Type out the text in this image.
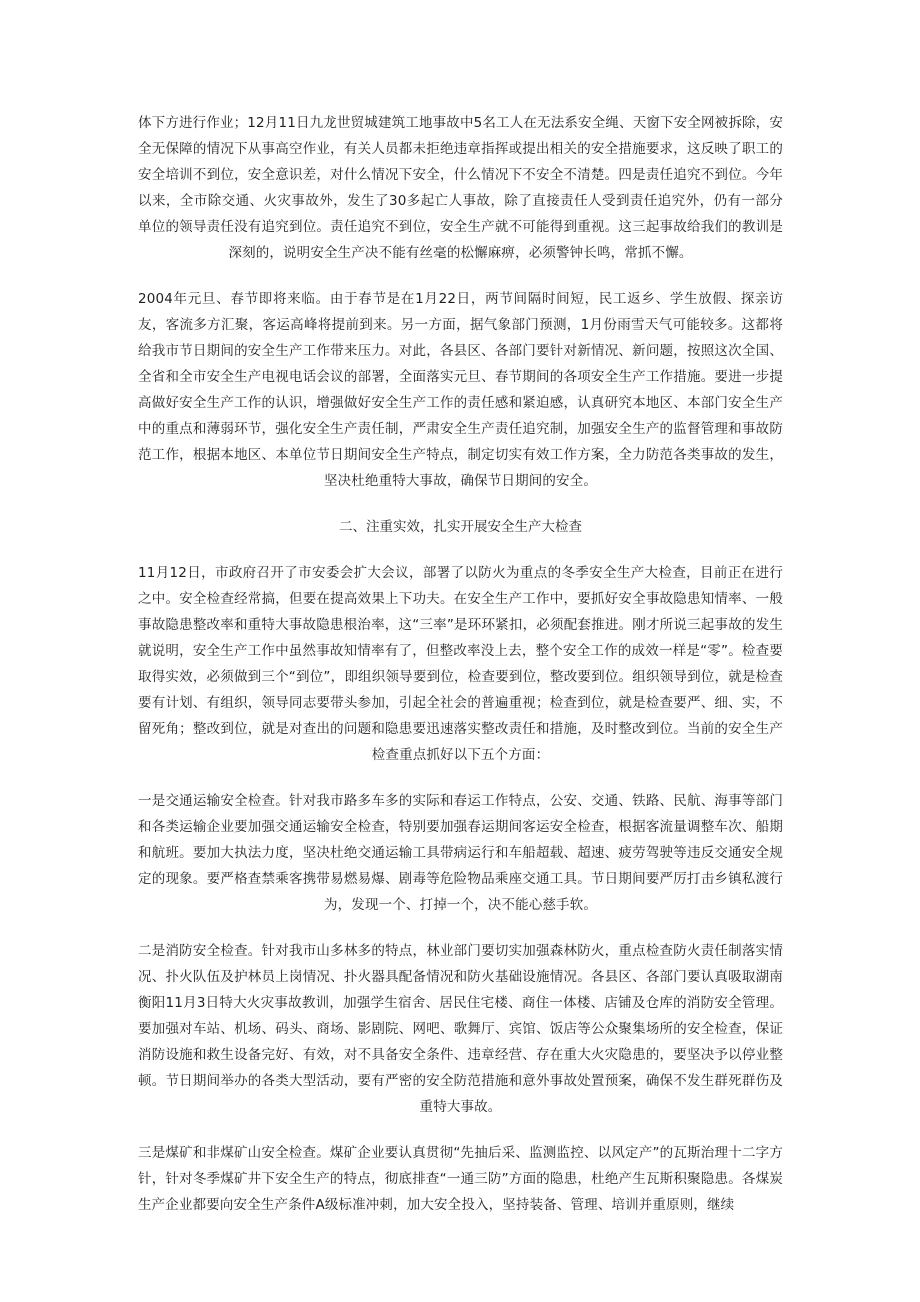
体下方进行作业；12月11日九龙世贸城建筑工地事故中5名工人在无法系安全绳、天窗下安全网被拆除，安全无保障的情况下从事高空作业，有关人员都未拒绝违章指挥或提出相关的安全措施要求，这反映了职工的安全培训不到位，安全意识差，对什么情况下安全，什么情况下不安全不清楚。四是责任追究不到位。今年以来，全市除交通、火灾事故外，发生了30多起亡人事故，除了直接责任人受到责任追究外，仍有一部分单位的领导责任没有追究到位。责任追究不到位，安全生产就不可能得到重视。这三起事故给我们的教训是深刻的，说明安全生产决不能有丝毫的松懈麻痹，必须警钟长鸣，常抓不懈。

2004年元旦、春节即将来临。由于春节是在1月22日，两节间隔时间短，民工返乡、学生放假、探亲访友，客流多方汇聚，客运高峰将提前到来。另一方面，据气象部门预测，1月份雨雪天气可能较多。这都将给我市节日期间的安全生产工作带来压力。对此，各县区、各部门要针对新情况、新问题，按照这次全国、全省和全市安全生产电视电话会议的部署，全面落实元旦、春节期间的各项安全生产工作措施。要进一步提高做好安全生产工作的认识，增强做好安全生产工作的责任感和紧迫感，认真研究本地区、本部门安全生产中的重点和薄弱环节，强化安全生产责任制，严肃安全生产责任追究制，加强安全生产的监督管理和事故防范工作，根据本地区、本单位节日期间安全生产特点，制定切实有效工作方案，全力防范各类事故的发生，坚决杜绝重特大事故，确保节日期间的安全。

二、注重实效，扎实开展安全生产大检查

11月12日，市政府召开了市安委会扩大会议，部署了以防火为重点的冬季安全生产大检查，目前正在进行之中。安全检查经常搞，但要在提高效果上下功夫。在安全生产工作中，要抓好安全事故隐患知情率、一般事故隐患整改率和重特大事故隐患根治率，这“三率”是环环紧扣，必须配套推进。刚才所说三起事故的发生就说明，安全生产工作中虽然事故知情率有了，但整改率没上去，整个安全工作的成效一样是“零”。检查要取得实效，必须做到三个“到位”，即组织领导要到位，检查要到位，整改要到位。组织领导到位，就是检查要有计划、有组织，领导同志要带头参加，引起全社会的普遍重视；检查到位，就是检查要严、细、实，不留死角；整改到位，就是对查出的问题和隐患要迅速落实整改责任和措施，及时整改到位。当前的安全生产检查重点抓好以下五个方面：

一是交通运输安全检查。针对我市路多车多的实际和春运工作特点，公安、交通、铁路、民航、海事等部门和各类运输企业要加强交通运输安全检查，特别要加强春运期间客运安全检查，根据客流量调整车次、船期和航班。要加大执法力度，坚决杜绝交通运输工具带病运行和车船超载、超速、疲劳驾驶等违反交通安全规定的现象。要严格查禁乘客携带易燃易爆、剧毒等危险物品乘座交通工具。节日期间要严厉打击乡镇私渡行为，发现一个、打掉一个，决不能心慈手软。

二是消防安全检查。针对我市山多林多的特点，林业部门要切实加强森林防火，重点检查防火责任制落实情况、扑火队伍及护林员上岗情况、扑火器具配备情况和防火基础设施情况。各县区、各部门要认真吸取湖南衡阳11月3日特大火灾事故教训，加强学生宿舍、居民住宅楼、商住一体楼、店铺及仓库的消防安全管理。要加强对车站、机场、码头、商场、影剧院、网吧、歌舞厅、宾馆、饭店等公众聚集场所的安全检查，保证消防设施和救生设备完好、有效，对不具备安全条件、违章经营、存在重大火灾隐患的，要坚决予以停业整顿。节日期间举办的各类大型活动，要有严密的安全防范措施和意外事故处置预案，确保不发生群死群伤及重特大事故。

三是煤矿和非煤矿山安全检查。煤矿企业要认真贯彻“先抽后采、监测监控、以风定产”的瓦斯治理十二字方针，针对冬季煤矿井下安全生产的特点，彻底排查“一通三防”方面的隐患，杜绝产生瓦斯积聚隐患。各煤炭生产企业都要向安全生产条件A级标准冲刺，加大安全投入，坚持装备、管理、培训并重原则，继续
